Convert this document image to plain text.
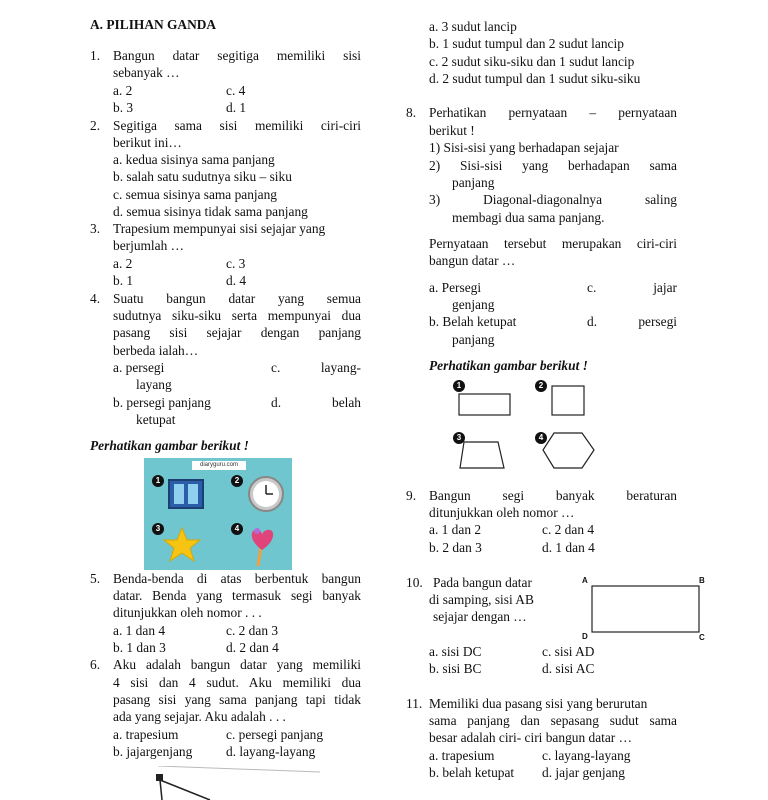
A. PILIHAN GANDA
1. Bangun datar segitiga memiliki sisi
sebanyak …
a. 2	c. 4
b. 3	d. 1
2. Segitiga sama sisi memiliki ciri-ciri
berikut ini…
a. kedua sisinya sama panjang
b. salah satu sudutnya siku – siku
c. semua sisinya sama panjang
d. semua sisinya tidak sama panjang
3. Trapesium mempunyai sisi sejajar yang
berjumlah …
a. 2	c. 3
b. 1	d. 4
4. Suatu bangun datar yang semua
sudutnya siku-siku serta mempunyai dua
pasang sisi sejajar dengan panjang
berbeda ialah…
a. persegi	c. layang-
layang
b. persegi panjang	d. belah
ketupat
Perhatikan gambar berikut !
diaryguru.com
1	2
3	4
5. Benda-benda di atas berbentuk bangun
datar. Benda yang termasuk segi banyak
ditunjukkan oleh nomor . . .
a. 1 dan 4	c. 2 dan 3
b. 1 dan 3	d. 2 dan 4
6. Aku adalah bangun datar yang memiliki
4 sisi dan 4 sudut. Aku memiliki dua
pasang sisi yang sama panjang tapi tidak
ada yang sejajar. Aku adalah . . .
a. trapesium	c. persegi panjang
b. jajargenjang	d. layang-layang
a. 3 sudut lancip
b. 1 sudut tumpul dan 2 sudut lancip
c. 2 sudut siku-siku dan 1 sudut lancip
d. 2 sudut tumpul dan 1 sudut siku-siku
8. Perhatikan pernyataan – pernyataan
berikut !
1) Sisi-sisi yang berhadapan sejajar
2) Sisi-sisi yang berhadapan sama
panjang
3) Diagonal-diagonalnya saling
membagi dua sama panjang.
Pernyataan tersebut merupakan ciri-ciri
bangun datar …
a. Persegi	c. jajar
genjang
b. Belah ketupat	d. persegi
panjang
Perhatikan gambar berikut !
1	2
3	4
9. Bangun segi banyak beraturan
ditunjukkan oleh nomor …
a. 1 dan 2	c. 2 dan 4
b. 2 dan 3	d. 1 dan 4
10. Pada bangun datar
di samping, sisi AB
sejajar dengan …
A	B
C
D
a. sisi DC	c. sisi AD
b. sisi BC	d. sisi AC
11. Memiliki dua pasang sisi yang berurutan
sama panjang dan sepasang sudut sama
besar adalah ciri- ciri bangun datar …
a. trapesium	c. layang-layang
b. belah ketupat d. jajar genjang
